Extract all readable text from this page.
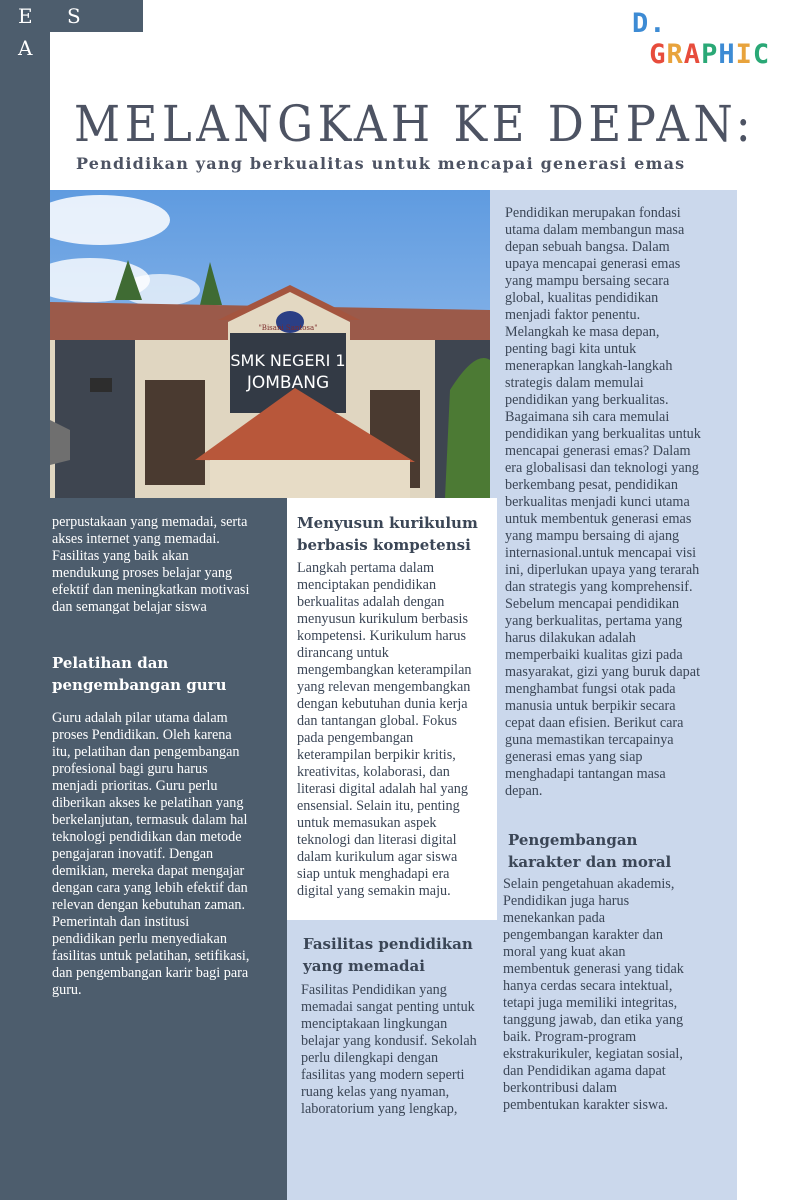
E S A I
D. GRAPHIC
MELANGKAH KE DEPAN:
Pendidikan yang berkualitas untuk mencapai generasi emas
"Bisani Santosa"
SMK NEGERI 1
JOMBANG
perpustakaan yang memadai, serta
akses internet yang memadai.
Fasilitas yang baik akan
mendukung proses belajar yang
efektif dan meningkatkan motivasi
dan semangat belajar siswa
Pelatihan dan
pengembangan guru
Guru adalah pilar utama dalam
proses Pendidikan. Oleh karena
itu, pelatihan dan pengembangan
profesional bagi guru harus
menjadi prioritas. Guru perlu
diberikan akses ke pelatihan yang
berkelanjutan, termasuk dalam hal
teknologi pendidikan dan metode
pengajaran inovatif. Dengan
demikian, mereka dapat mengajar
dengan cara yang lebih efektif dan
relevan dengan kebutuhan zaman.
Pemerintah dan institusi
pendidikan perlu menyediakan
fasilitas untuk pelatihan, setifikasi,
dan pengembangan karir bagi para
guru.
Menyusun kurikulum
berbasis kompetensi
Langkah pertama dalam
menciptakan pendidikan
berkualitas adalah dengan
menyusun kurikulum berbasis
kompetensi. Kurikulum harus
dirancang untuk
mengembangkan keterampilan
yang relevan mengembangkan
dengan kebutuhan dunia kerja
dan tantangan global. Fokus
pada pengembangan
keterampilan berpikir kritis,
kreativitas, kolaborasi, dan
literasi digital adalah hal yang
ensensial. Selain itu, penting
untuk memasukan aspek
teknologi dan literasi digital
dalam kurikulum agar siswa
siap untuk menghadapi era
digital yang semakin maju.
Fasilitas pendidikan
yang memadai
Fasilitas Pendidikan yang
memadai sangat penting untuk
menciptakaan lingkungan
belajar yang kondusif. Sekolah
perlu dilengkapi dengan
fasilitas yang modern seperti
ruang kelas yang nyaman,
laboratorium yang lengkap,
Pendidikan merupakan fondasi
utama dalam membangun masa
depan sebuah bangsa. Dalam
upaya mencapai generasi emas
yang mampu bersaing secara
global, kualitas pendidikan
menjadi faktor penentu.
Melangkah ke masa depan,
penting bagi kita untuk
menerapkan langkah-langkah
strategis dalam memulai
pendidikan yang berkualitas.
Bagaimana sih cara memulai
pendidikan yang berkualitas untuk
mencapai generasi emas? Dalam
era globalisasi dan teknologi yang
berkembang pesat, pendidikan
berkualitas menjadi kunci utama
untuk membentuk generasi emas
yang mampu bersaing di ajang
internasional.untuk mencapai visi
ini, diperlukan upaya yang terarah
dan strategis yang komprehensif.
Sebelum mencapai pendidikan
yang berkualitas, pertama yang
harus dilakukan adalah
memperbaiki kualitas gizi pada
masyarakat, gizi yang buruk dapat
menghambat fungsi otak pada
manusia untuk berpikir secara
cepat daan efisien. Berikut cara
guna memastikan tercapainya
generasi emas yang siap
menghadapi tantangan masa
depan.
Pengembangan
karakter dan moral
Selain pengetahuan akademis,
Pendidikan juga harus
menekankan pada
pengembangan karakter dan
moral yang kuat akan
membentuk generasi yang tidak
hanya cerdas secara intektual,
tetapi juga memiliki integritas,
tanggung jawab, dan etika yang
baik. Program-program
ekstrakurikuler, kegiatan sosial,
dan Pendidikan agama dapat
berkontribusi dalam
pembentukan karakter siswa.
